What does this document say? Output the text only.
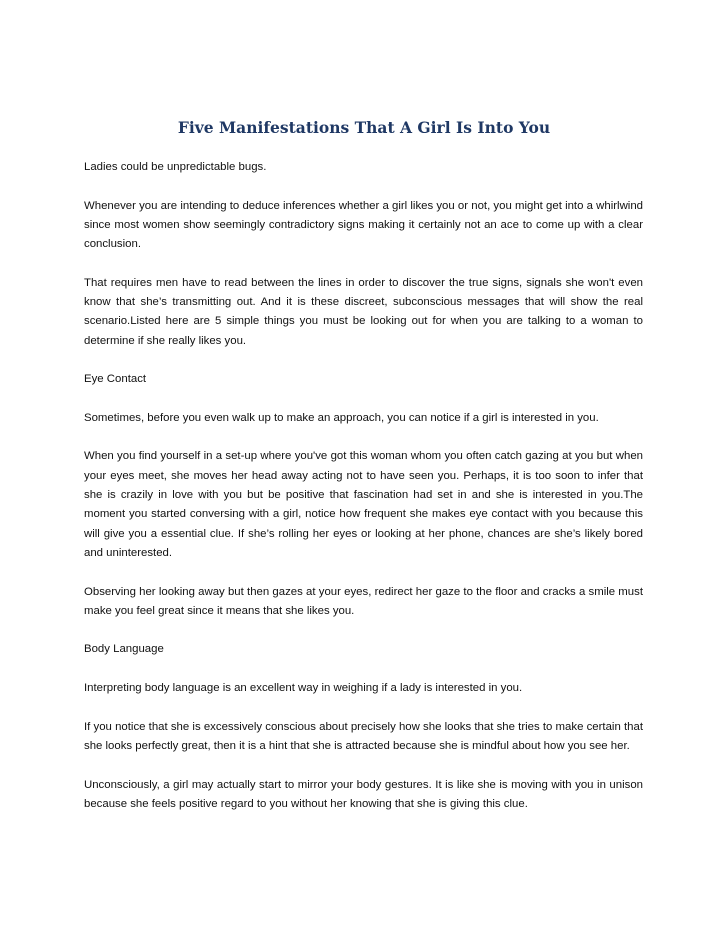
Five Manifestations That A Girl Is Into You

Ladies could be unpredictable bugs.

Whenever you are intending to deduce inferences whether a girl likes you or not, you might get into a whirlwind since most women show seemingly contradictory signs making it certainly not an ace to come up with a clear conclusion.

That requires men have to read between the lines in order to discover the true signs, signals she won't even know that she’s transmitting out. And it is these discreet, subconscious messages that will show the real scenario.Listed here are 5 simple things you must be looking out for when you are talking to a woman to determine if she really likes you.

Eye Contact

Sometimes, before you even walk up to make an approach, you can notice if a girl is interested in you.

When you find yourself in a set-up where you've got this woman whom you often catch gazing at you but when your eyes meet, she moves her head away acting not to have seen you. Perhaps, it is too soon to infer that she is crazily in love with you but be positive that fascination had set in and she is interested in you.The moment you started conversing with a girl, notice how frequent she makes eye contact with you because this will give you a essential clue. If she’s rolling her eyes or looking at her phone, chances are she’s likely bored and uninterested.

Observing her looking away but then gazes at your eyes, redirect her gaze to the floor and cracks a smile must make you feel great since it means that she likes you.

Body Language

Interpreting body language is an excellent way in weighing if a lady is interested in you.

If you notice that she is excessively conscious about precisely how she looks that she tries to make certain that she looks perfectly great, then it is a hint that she is attracted because she is mindful about how you see her.

Unconsciously, a girl may actually start to mirror your body gestures. It is like she is moving with you in unison because she feels positive regard to you without her knowing that she is giving this clue.
